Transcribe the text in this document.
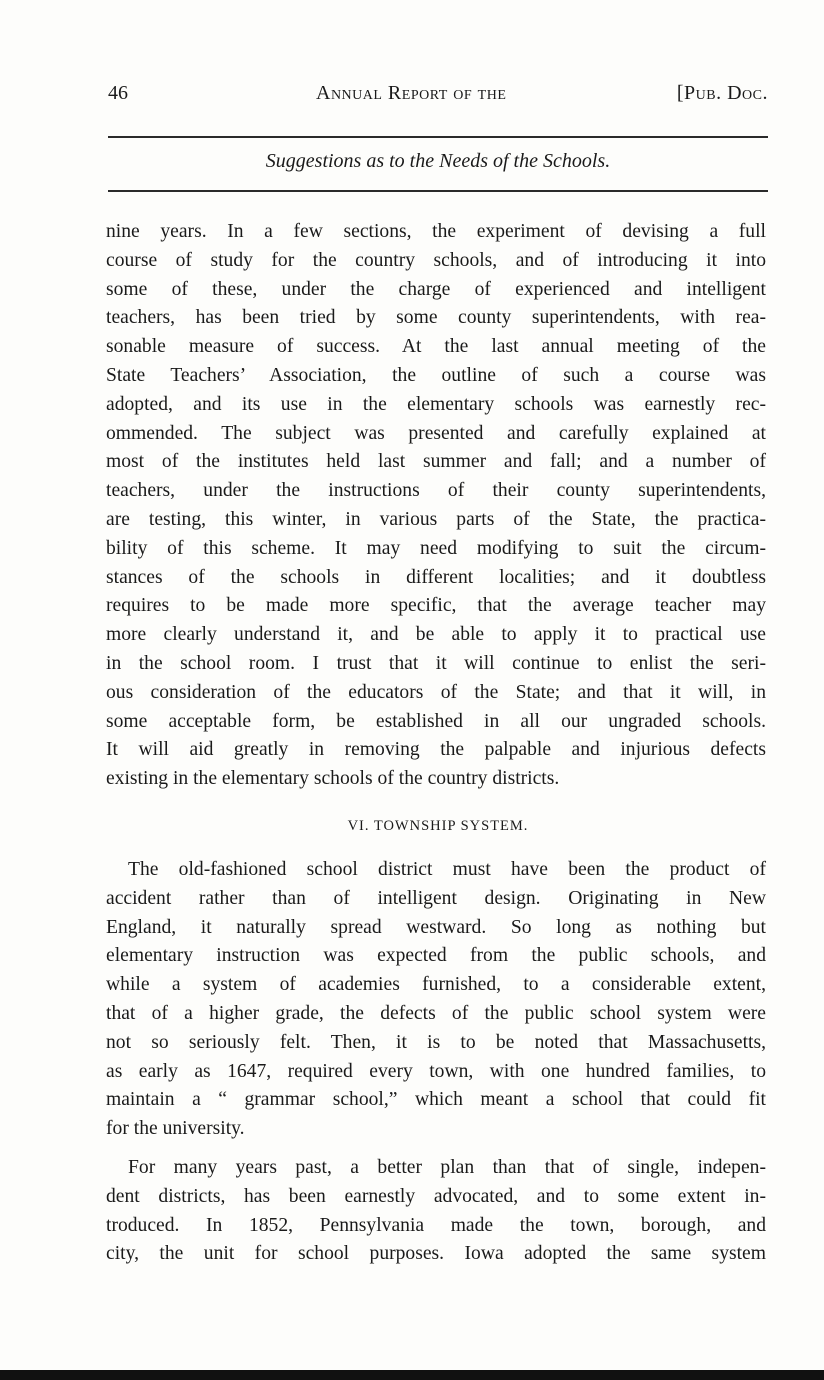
46	Annual Report of the	[Pub. Doc.
Suggestions as to the Needs of the Schools.
nine years. In a few sections, the experiment of devising a full
course of study for the country schools, and of introducing it into
some of these, under the charge of experienced and intelligent
teachers, has been tried by some county superintendents, with rea-
sonable measure of success. At the last annual meeting of the
State Teachers’ Association, the outline of such a course was
adopted, and its use in the elementary schools was earnestly rec-
ommended. The subject was presented and carefully explained at
most of the institutes held last summer and fall; and a number of
teachers, under the instructions of their county superintendents,
are testing, this winter, in various parts of the State, the practica-
bility of this scheme. It may need modifying to suit the circum-
stances of the schools in different localities; and it doubtless
requires to be made more specific, that the average teacher may
more clearly understand it, and be able to apply it to practical use
in the school room. I trust that it will continue to enlist the seri-
ous consideration of the educators of the State; and that it will, in
some acceptable form, be established in all our ungraded schools.
It will aid greatly in removing the palpable and injurious defects
existing in the elementary schools of the country districts.
VI. TOWNSHIP SYSTEM.
The old-fashioned school district must have been the product of
accident rather than of intelligent design. Originating in New
England, it naturally spread westward. So long as nothing but
elementary instruction was expected from the public schools, and
while a system of academies furnished, to a considerable extent,
that of a higher grade, the defects of the public school system were
not so seriously felt. Then, it is to be noted that Massachusetts,
as early as 1647, required every town, with one hundred families, to
maintain a “ grammar school,” which meant a school that could fit
for the university.
For many years past, a better plan than that of single, indepen-
dent districts, has been earnestly advocated, and to some extent in-
troduced. In 1852, Pennsylvania made the town, borough, and
city, the unit for school purposes. Iowa adopted the same system
